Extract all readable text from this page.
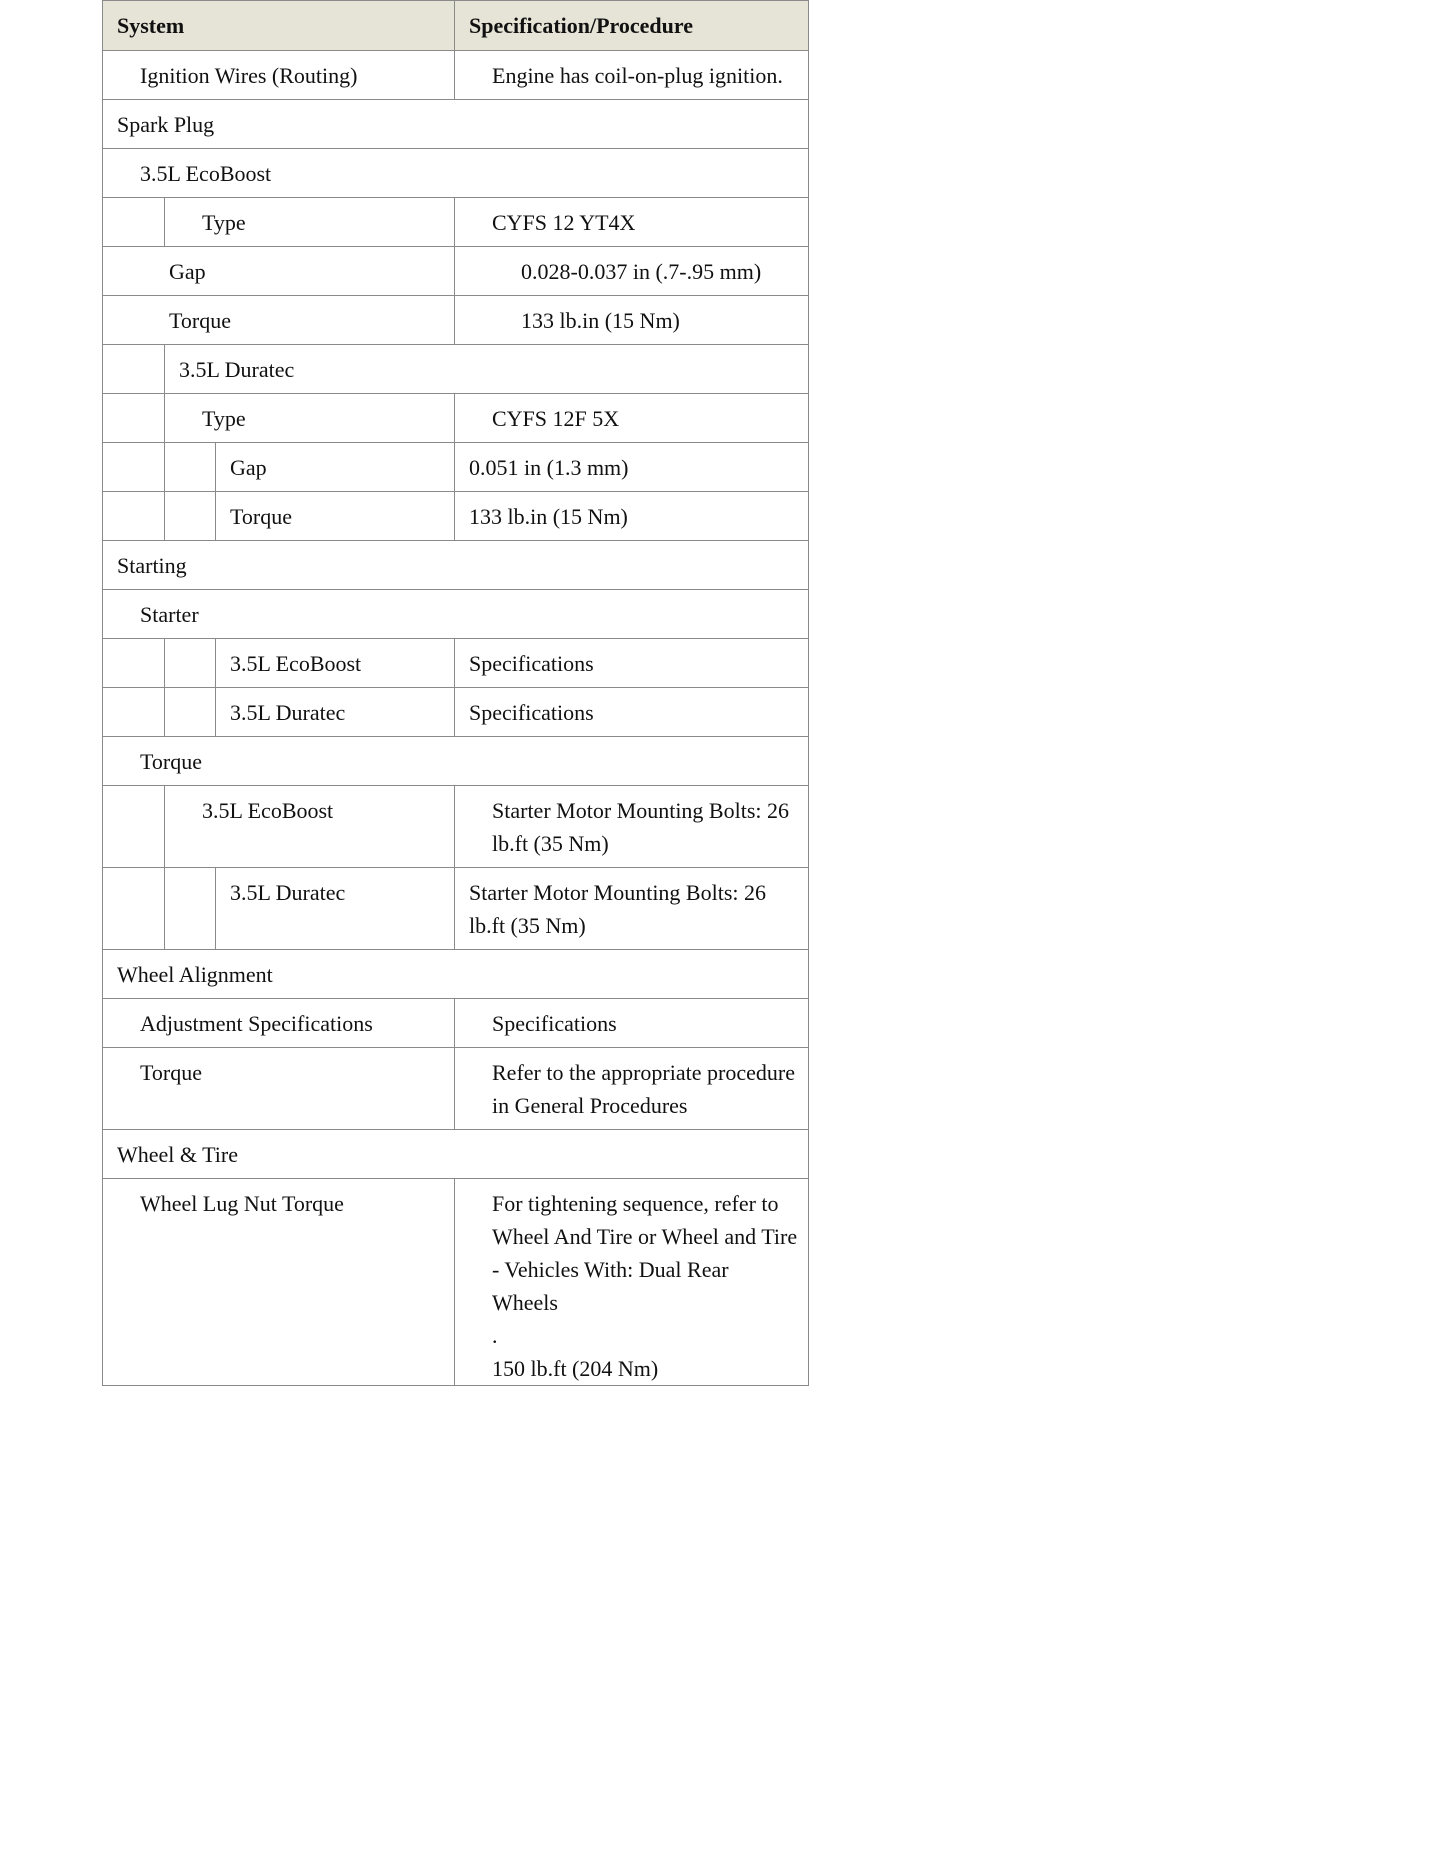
System			Specification/Procedure

Ignition Wires (Routing)			Engine has coil-on-plug ignition.

Spark Plug			

3.5L EcoBoost			

	Type		CYFS 12 YT4X

Gap			0.028-0.037 in (.7-.95 mm)

Torque			133 lb.in (15 Nm)

	3.5L Duratec		

	Type		CYFS 12F 5X

		Gap	0.051 in (1.3 mm)

		Torque	133 lb.in (15 Nm)

Starting			

Starter			

		3.5L EcoBoost	Specifications

		3.5L Duratec	Specifications

Torque			

	3.5L EcoBoost		Starter Motor Mounting Bolts: 26 lb.ft (35 Nm)

		3.5L Duratec	Starter Motor Mounting Bolts: 26 lb.ft (35 Nm)

Wheel Alignment			

Adjustment Specifications			Specifications

Torque			Refer to the appropriate procedure in General Procedures

Wheel & Tire			

Wheel Lug Nut Torque			For tightening sequence, refer to Wheel And Tire or Wheel and Tire - Vehicles With: Dual Rear Wheels
.
150 lb.ft (204 Nm)
